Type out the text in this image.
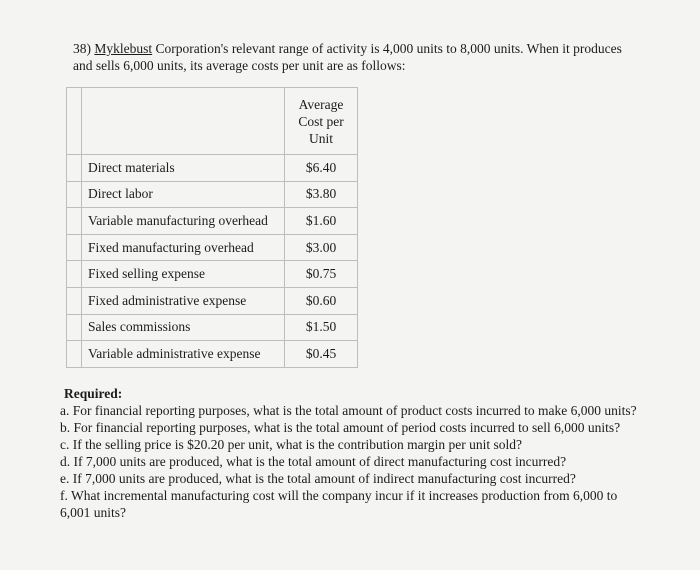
38) Myklebust Corporation's relevant range of activity is 4,000 units to 8,000 units. When it produces and sells 6,000 units, its average costs per unit are as follows:

		Average
Cost per
Unit

	Direct materials	$6.40
	Direct labor	$3.80
	Variable manufacturing overhead	$1.60
	Fixed manufacturing overhead	$3.00
	Fixed selling expense	$0.75
	Fixed administrative expense	$0.60
	Sales commissions	$1.50
	Variable administrative expense	$0.45
Required:

a. For financial reporting purposes, what is the total amount of product costs incurred to make 6,000 units?

b. For financial reporting purposes, what is the total amount of period costs incurred to sell 6,000 units?

c. If the selling price is $20.20 per unit, what is the contribution margin per unit sold?

d. If 7,000 units are produced, what is the total amount of direct manufacturing cost incurred?

e. If 7,000 units are produced, what is the total amount of indirect manufacturing cost incurred?

f. What incremental manufacturing cost will the company incur if it increases production from 6,000 to 6,001 units?
